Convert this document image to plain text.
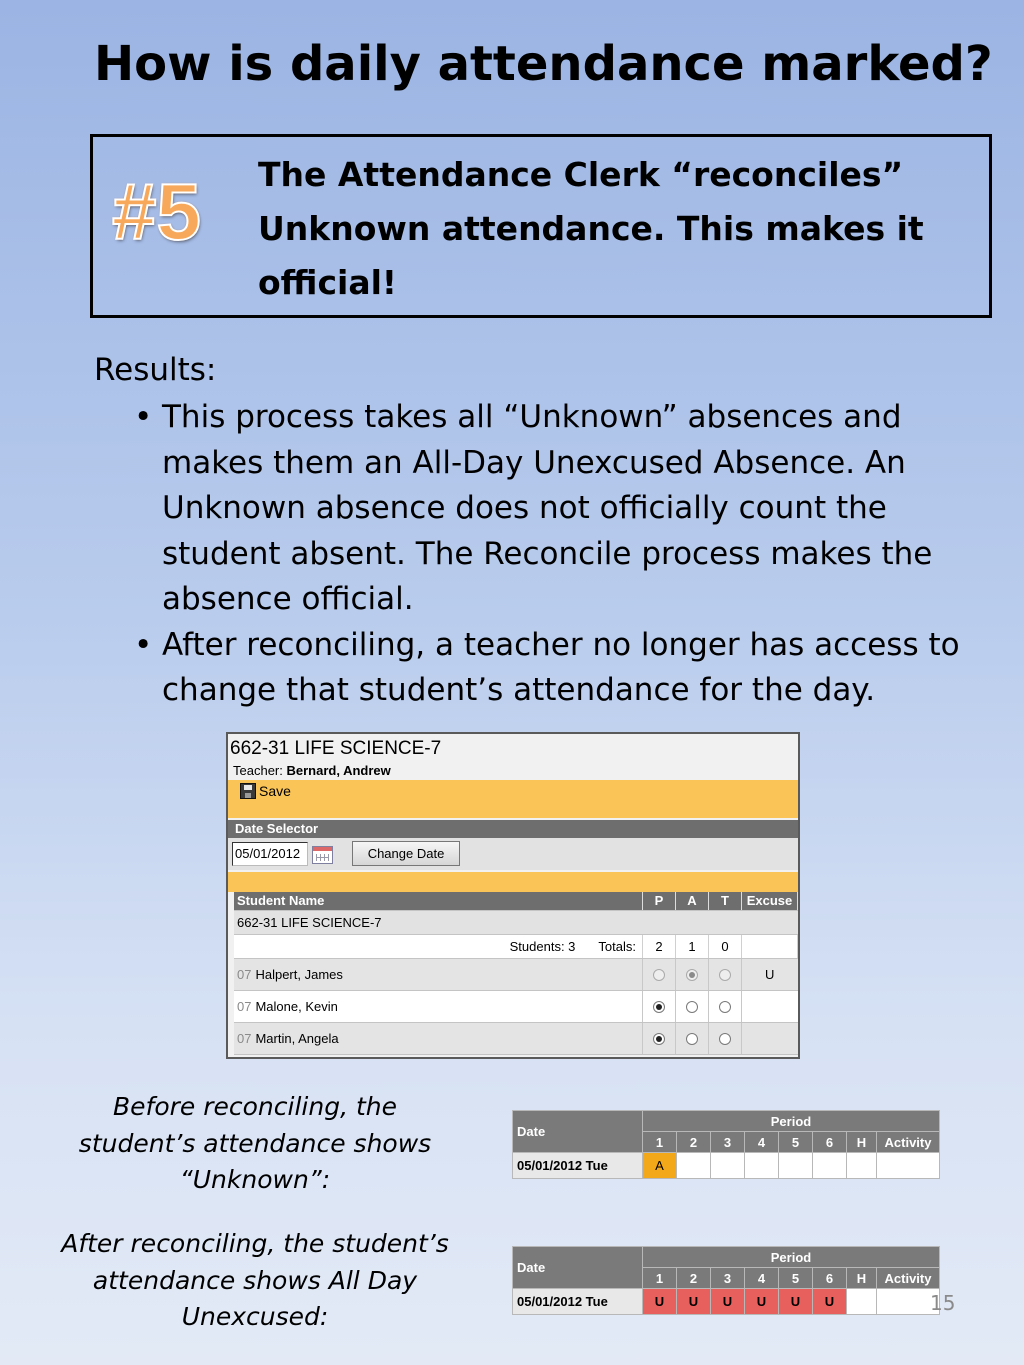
How is daily attendance marked?
#5	The Attendance Clerk “reconciles” Unknown attendance. This makes it official!
Results:
• This process takes all “Unknown” absences and makes them an All-Day Unexcused Absence. An Unknown absence does not officially count the student absent. The Reconcile process makes the absence official.
• After reconciling, a teacher no longer has access to change that student’s attendance for the day.
662-31 LIFE SCIENCE-7
Teacher: Bernard, Andrew
Save
Date Selector
05/01/2012	Change Date
Student Name	P	A	T	Excuse
662-31 LIFE SCIENCE-7				
Students: 3 Totals:	2	1	0	
07 Halpert, James				U
07 Malone, Kevin				
07 Martin, Angela				
Before reconciling, the student’s attendance shows “Unknown”:
After reconciling, the student’s attendance shows All Day Unexcused:
Date	Period							
	1	2	3	4	5	6	H	Activity
05/01/2012 Tue	A							
Date	Period							
	1	2	3	4	5	6	H	Activity
05/01/2012 Tue	U	U	U	U	U	U			15
